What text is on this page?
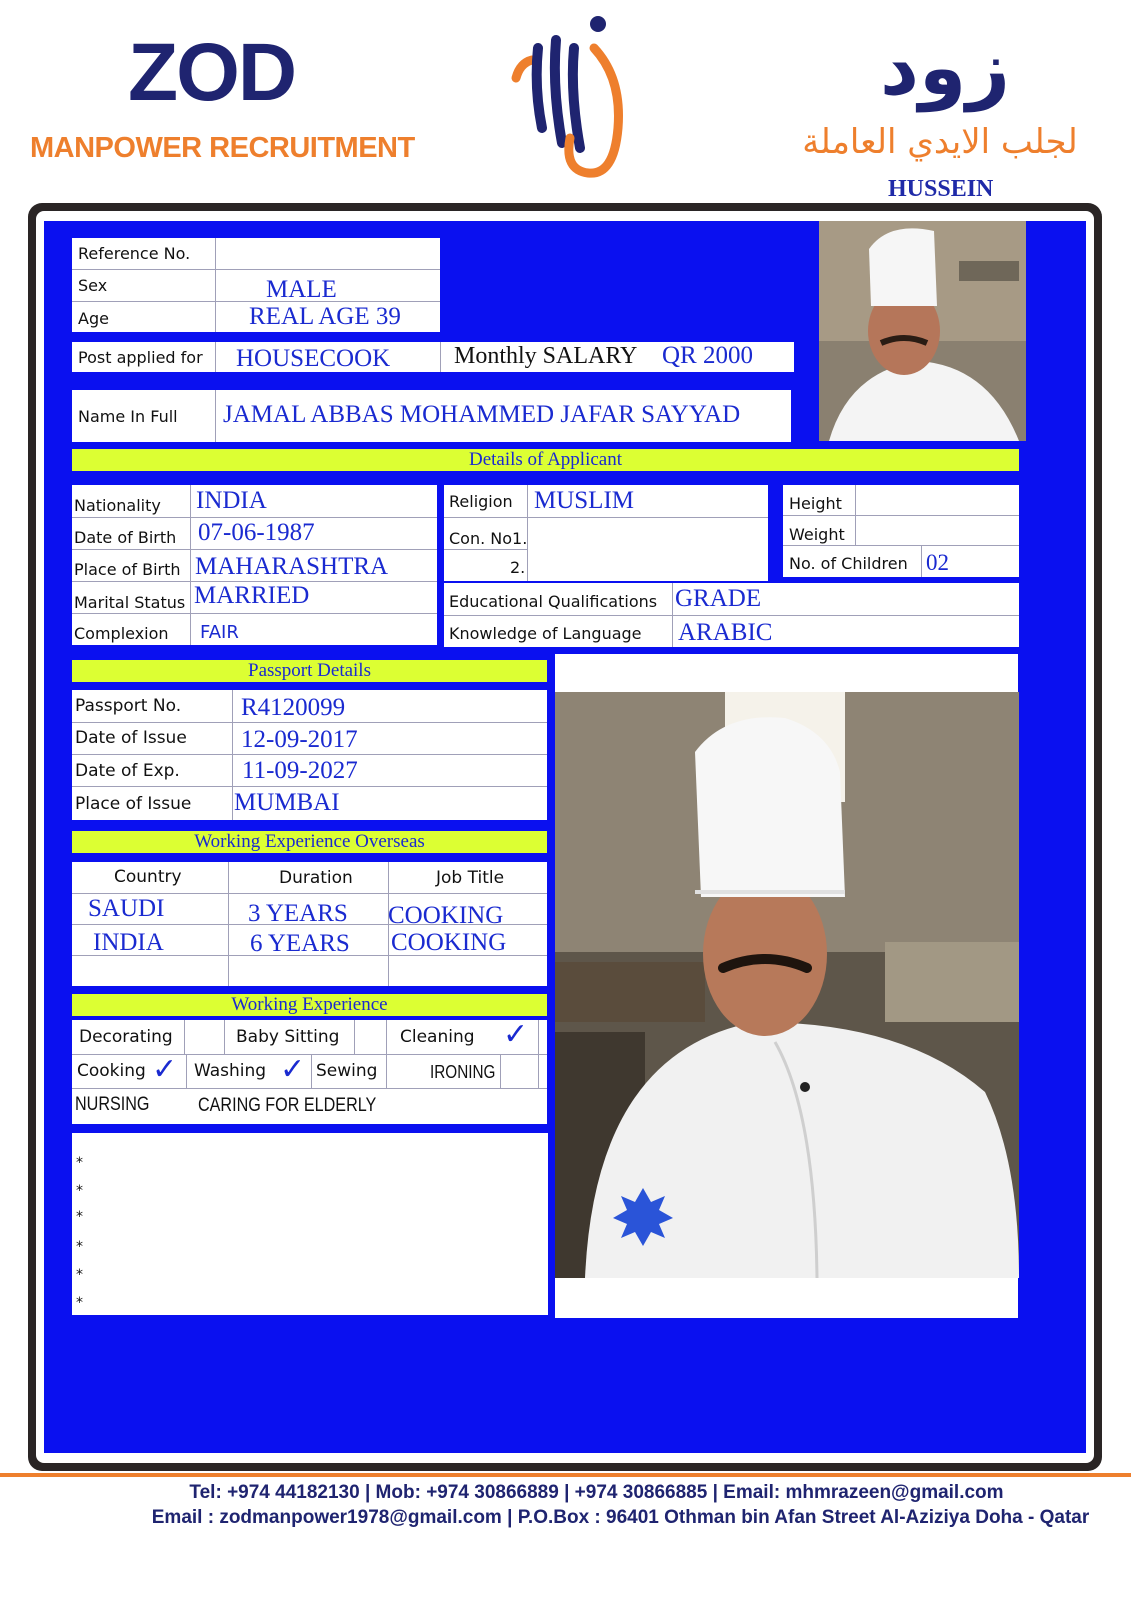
ZOD
MANPOWER RECRUITMENT
زود
لجلب الايدي العاملة
HUSSEIN
Reference No.
Sex	MALE
Age	REAL AGE 39
Post applied for HOUSECOOK	Monthly SALARY QR 2000
Name In Full JAMAL ABBAS MOHAMMED JAFAR SAYYAD
Details of Applicant
Nationality INDIA
Date of Birth 07-06-1987
Place of Birth MAHARASHTRA
Marital Status MARRIED
Complexion FAIR
Religion MUSLIM
Con. No1.
2.
Height
Weight
No. of Children 02
Educational Qualifications GRADE
Knowledge of Language ARABIC
Passport Details
Passport No. R4120099
Date of Issue 12-09-2017
Date of Exp. 11-09-2027
Place of Issue MUMBAI
Working Experience Overseas
Country	Duration	Job Title
SAUDI	3 YEARS COOKING
INDIA	6 YEARS COOKING
Working Experience
Decorating	Baby Sitting	Cleaning ✓
Cooking ✓ Washing ✓ Sewing	IRONING
NURSING	CARING FOR ELDERLY
*
*
*
*
*
*
Tel: +974 44182130 | Mob: +974 30866889 | +974 30866885 | Email: mhmrazeen@gmail.com
Email : zodmanpower1978@gmail.com | P.O.Box : 96401 Othman bin Afan Street Al-Aziziya Doha - Qatar
